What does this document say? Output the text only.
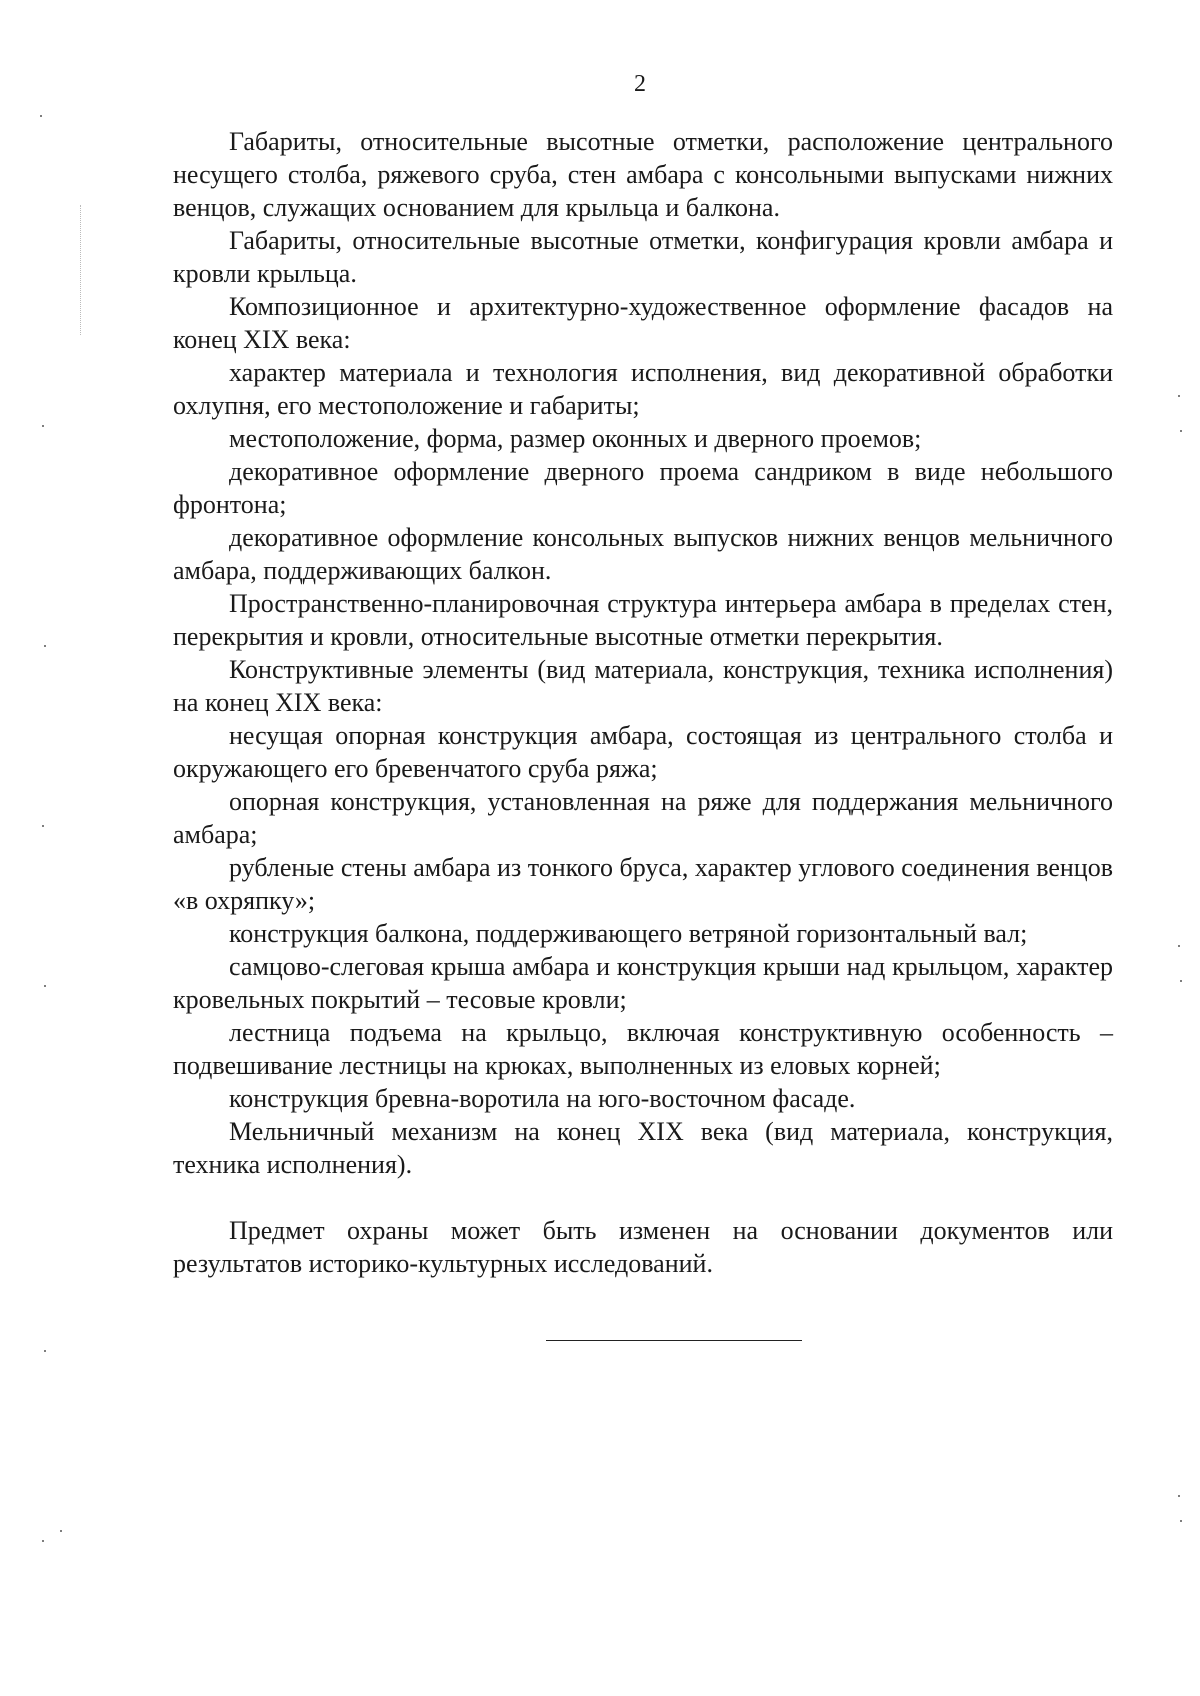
2

Габариты, относительные высотные отметки, расположение центрального несущего столба, ряжевого сруба, стен амбара с консольными выпусками нижних венцов, служащих основанием для крыльца и балкона.

Габариты, относительные высотные отметки, конфигурация кровли амбара и кровли крыльца.

Композиционное и архитектурно-художественное оформление фасадов на конец XIX века:

характер материала и технология исполнения, вид декоративной обработки охлупня, его местоположение и габариты;

местоположение, форма, размер оконных и дверного проемов;

декоративное оформление дверного проема сандриком в виде небольшого фронтона;

декоративное оформление консольных выпусков нижних венцов мельничного амбара, поддерживающих балкон.

Пространственно-планировочная структура интерьера амбара в пределах стен, перекрытия и кровли, относительные высотные отметки перекрытия.

Конструктивные элементы (вид материала, конструкция, техника исполнения) на конец XIX века:

несущая опорная конструкция амбара, состоящая из центрального столба и окружающего его бревенчатого сруба ряжа;

опорная конструкция, установленная на ряже для поддержания мельничного амбара;

рубленые стены амбара из тонкого бруса, характер углового соединения венцов «в охряпку»;

конструкция балкона, поддерживающего ветряной горизонтальный вал;

самцово-слеговая крыша амбара и конструкция крыши над крыльцом, характер кровельных покрытий – тесовые кровли;

лестница подъема на крыльцо, включая конструктивную особенность – подвешивание лестницы на крюках, выполненных из еловых корней;

конструкция бревна-воротила на юго-восточном фасаде.

Мельничный механизм на конец XIX века (вид материала, конструкция, техника исполнения).

Предмет охраны может быть изменен на основании документов или результатов историко-культурных исследований.
